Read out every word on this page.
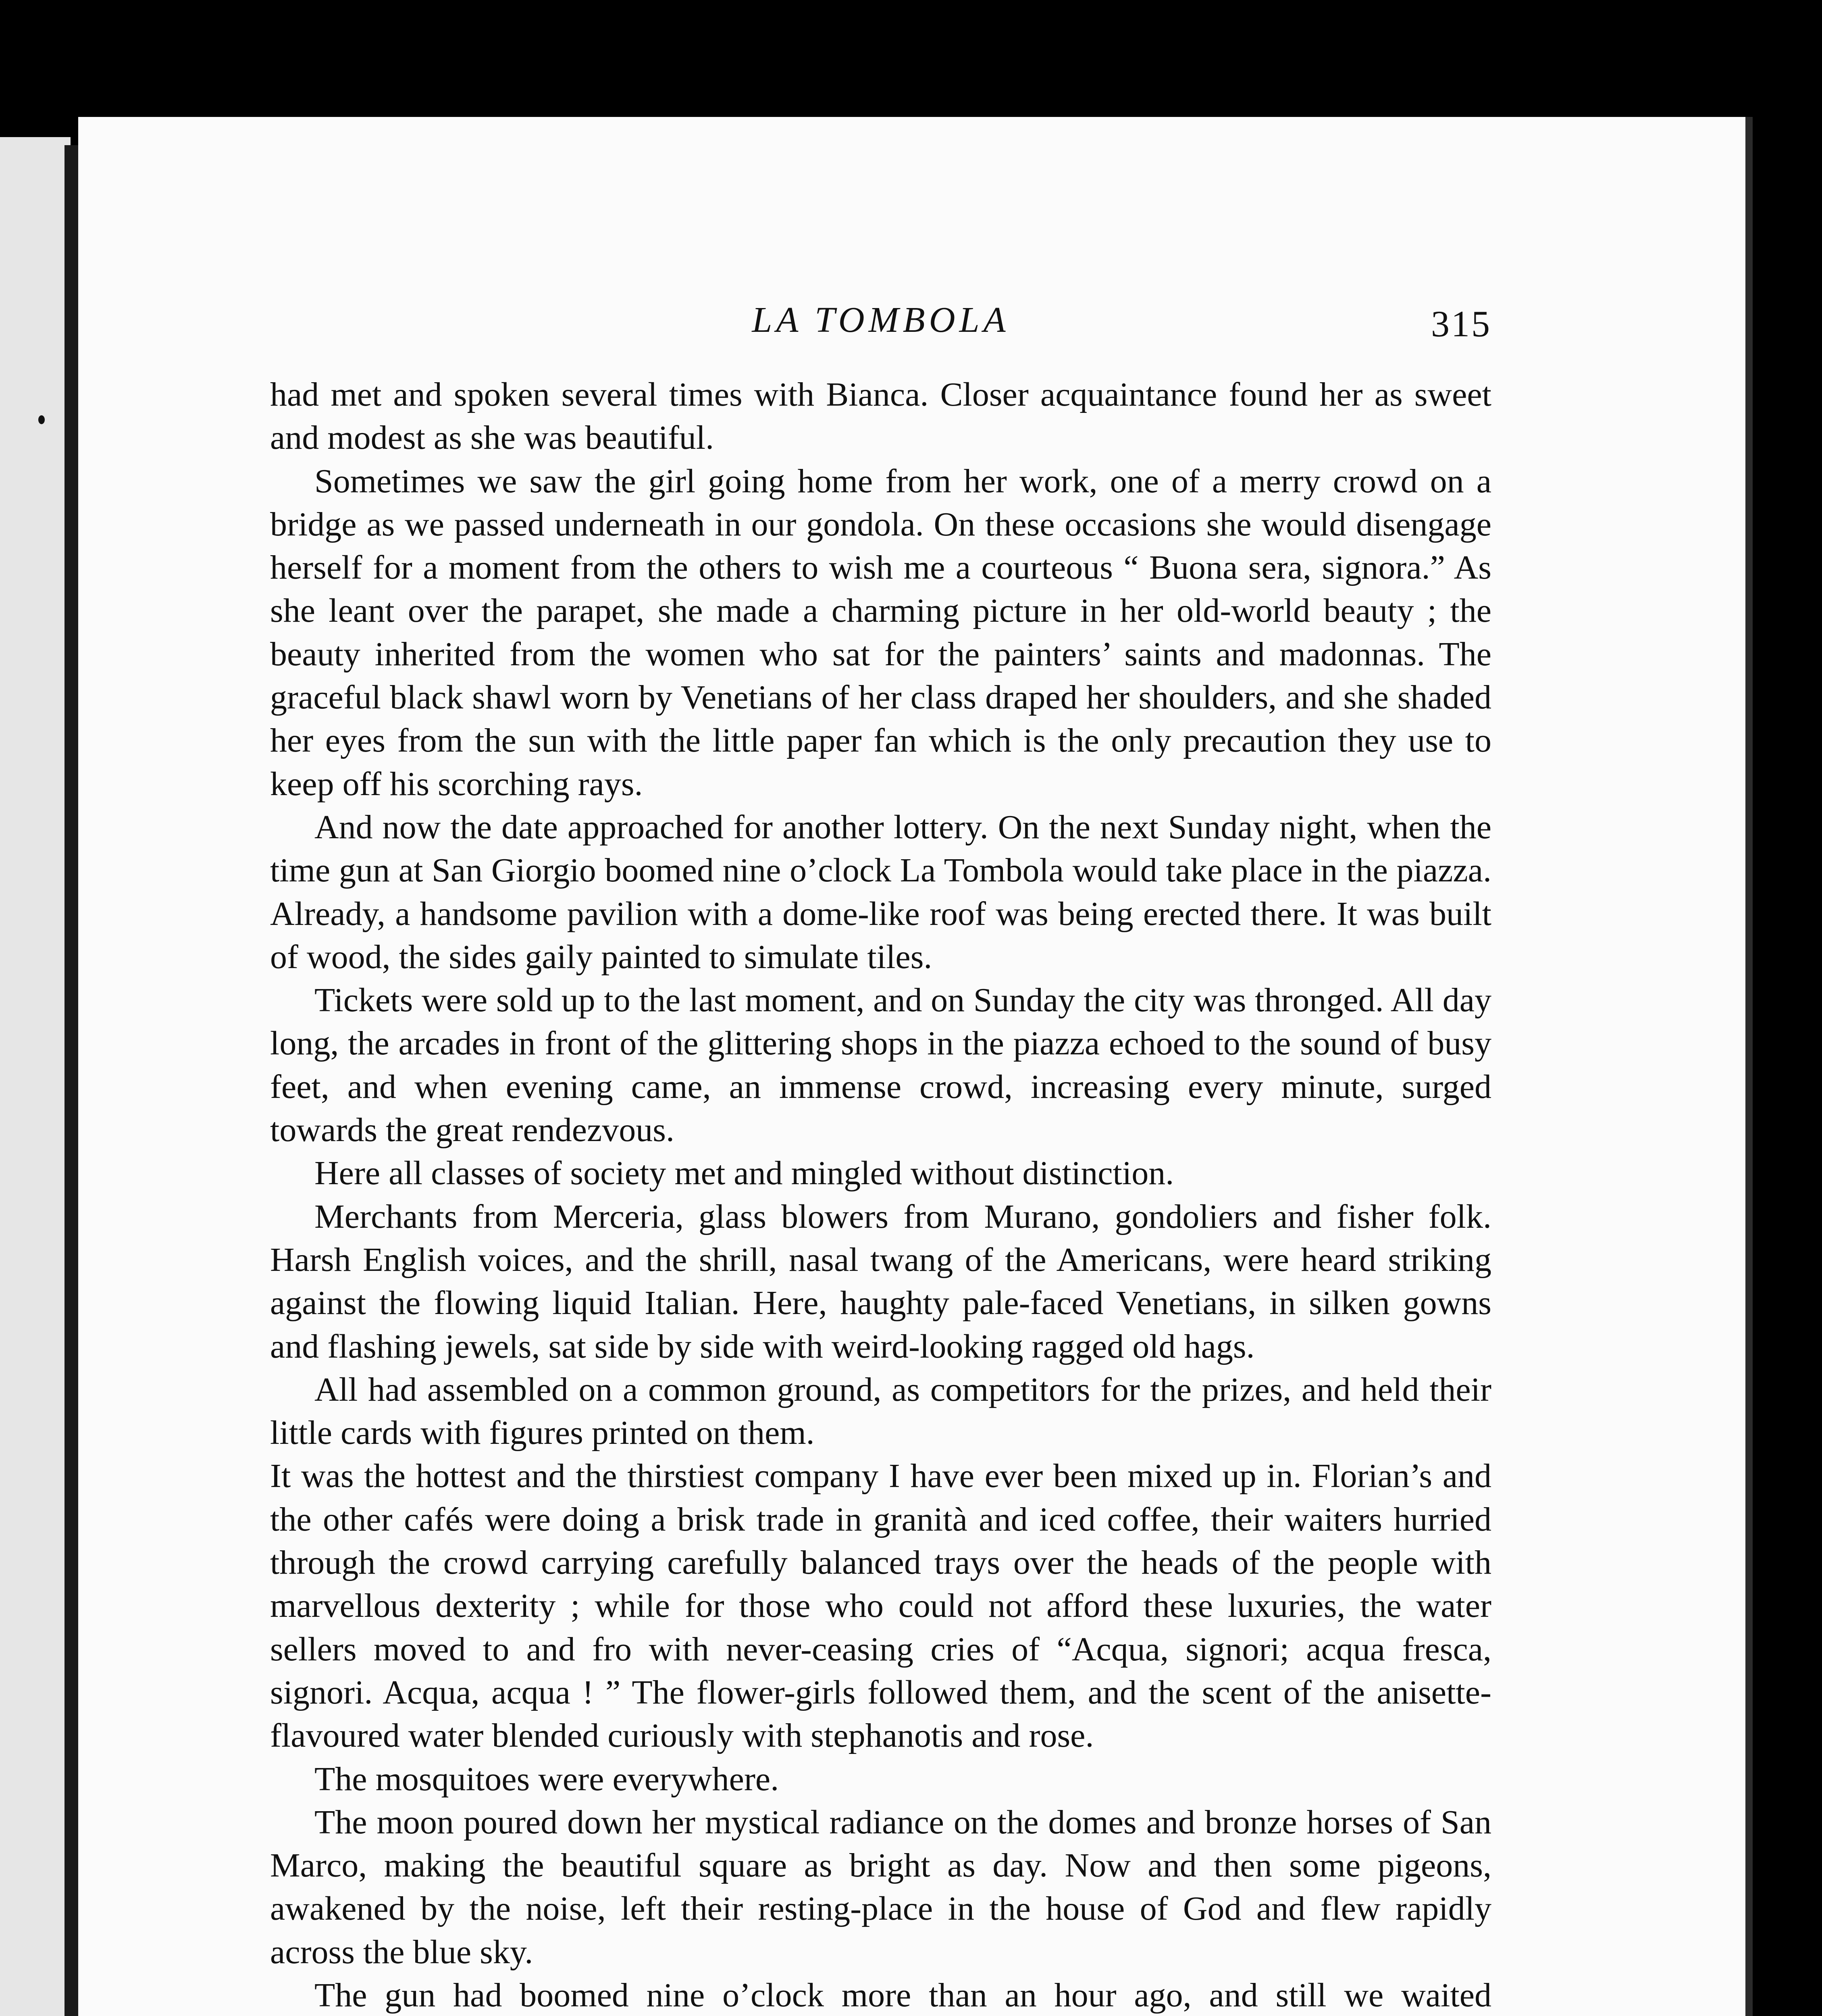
LA TOMBOLA	315

had met and spoken several times with Bianca. Closer acquaintance found her as sweet and modest as she was beautiful.

Sometimes we saw the girl going home from her work, one of a merry crowd on a bridge as we passed underneath in our gondola. On these occasions she would disengage herself for a moment from the others to wish me a courteous “ Buona sera, signora.” As she leant over the parapet, she made a charming picture in her old-world beauty ; the beauty inherited from the women who sat for the painters’ saints and madonnas. The graceful black shawl worn by Venetians of her class draped her shoulders, and she shaded her eyes from the sun with the little paper fan which is the only precaution they use to keep off his scorching rays.

And now the date approached for another lottery. On the next Sunday night, when the time gun at San Giorgio boomed nine o’clock La Tombola would take place in the piazza. Already, a handsome pavilion with a dome-like roof was being erected there. It was built of wood, the sides gaily painted to simulate tiles.

Tickets were sold up to the last moment, and on Sunday the city was thronged. All day long, the arcades in front of the glittering shops in the piazza echoed to the sound of busy feet, and when evening came, an immense crowd, increasing every minute, surged towards the great rendezvous.

Here all classes of society met and mingled without distinction.

Merchants from Merceria, glass blowers from Murano, gondoliers and fisher folk. Harsh English voices, and the shrill, nasal twang of the Americans, were heard striking against the flowing liquid Italian. Here, haughty pale-faced Venetians, in silken gowns and flashing jewels, sat side by side with weird-looking ragged old hags.

All had assembled on a common ground, as competitors for the prizes, and held their little cards with figures printed on them.

It was the hottest and the thirstiest company I have ever been mixed up in. Florian’s and the other cafés were doing a brisk trade in granità and iced coffee, their waiters hurried through the crowd carrying carefully balanced trays over the heads of the people with marvellous dexterity ; while for those who could not afford these luxuries, the water sellers moved to and fro with never-ceasing cries of “Acqua, signori; acqua fresca, signori. Acqua, acqua ! ” The flower-girls followed them, and the scent of the anisette-flavoured water blended curiously with stephanotis and rose.

The mosquitoes were everywhere.

The moon poured down her mystical radiance on the domes and bronze horses of San Marco, making the beautiful square as bright as day. Now and then some pigeons, awakened by the noise, left their resting-place in the house of God and flew rapidly across the blue sky.

The gun had boomed nine o’clock more than an hour ago, and still we waited
